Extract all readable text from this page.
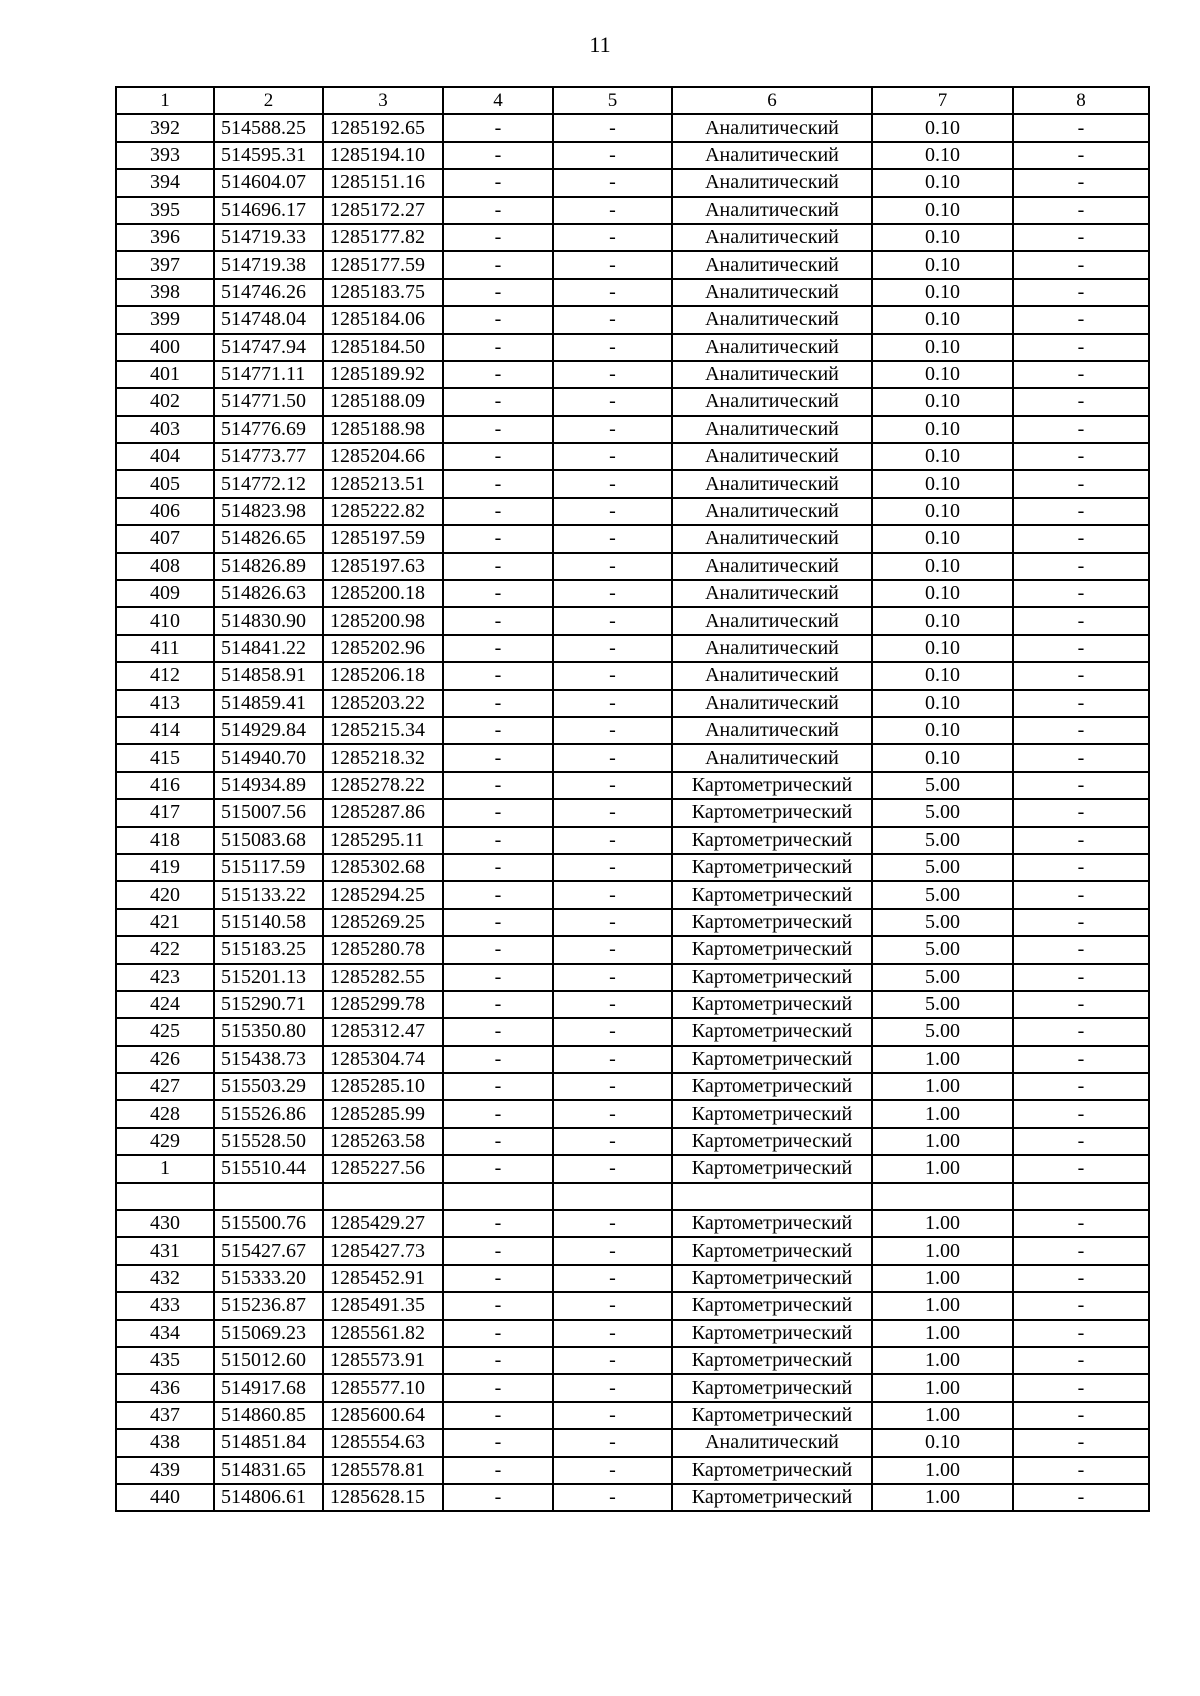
11
1	2	3	4	5	6	7	8
392	514588.25	1285192.65	-	-	Аналитический	0.10	-
393	514595.31	1285194.10	-	-	Аналитический	0.10	-
394	514604.07	1285151.16	-	-	Аналитический	0.10	-
395	514696.17	1285172.27	-	-	Аналитический	0.10	-
396	514719.33	1285177.82	-	-	Аналитический	0.10	-
397	514719.38	1285177.59	-	-	Аналитический	0.10	-
398	514746.26	1285183.75	-	-	Аналитический	0.10	-
399	514748.04	1285184.06	-	-	Аналитический	0.10	-
400	514747.94	1285184.50	-	-	Аналитический	0.10	-
401	514771.11	1285189.92	-	-	Аналитический	0.10	-
402	514771.50	1285188.09	-	-	Аналитический	0.10	-
403	514776.69	1285188.98	-	-	Аналитический	0.10	-
404	514773.77	1285204.66	-	-	Аналитический	0.10	-
405	514772.12	1285213.51	-	-	Аналитический	0.10	-
406	514823.98	1285222.82	-	-	Аналитический	0.10	-
407	514826.65	1285197.59	-	-	Аналитический	0.10	-
408	514826.89	1285197.63	-	-	Аналитический	0.10	-
409	514826.63	1285200.18	-	-	Аналитический	0.10	-
410	514830.90	1285200.98	-	-	Аналитический	0.10	-
411	514841.22	1285202.96	-	-	Аналитический	0.10	-
412	514858.91	1285206.18	-	-	Аналитический	0.10	-
413	514859.41	1285203.22	-	-	Аналитический	0.10	-
414	514929.84	1285215.34	-	-	Аналитический	0.10	-
415	514940.70	1285218.32	-	-	Аналитический	0.10	-
416	514934.89	1285278.22	-	-	Картометрический	5.00	-
417	515007.56	1285287.86	-	-	Картометрический	5.00	-
418	515083.68	1285295.11	-	-	Картометрический	5.00	-
419	515117.59	1285302.68	-	-	Картометрический	5.00	-
420	515133.22	1285294.25	-	-	Картометрический	5.00	-
421	515140.58	1285269.25	-	-	Картометрический	5.00	-
422	515183.25	1285280.78	-	-	Картометрический	5.00	-
423	515201.13	1285282.55	-	-	Картометрический	5.00	-
424	515290.71	1285299.78	-	-	Картометрический	5.00	-
425	515350.80	1285312.47	-	-	Картометрический	5.00	-
426	515438.73	1285304.74	-	-	Картометрический	1.00	-
427	515503.29	1285285.10	-	-	Картометрический	1.00	-
428	515526.86	1285285.99	-	-	Картометрический	1.00	-
429	515528.50	1285263.58	-	-	Картометрический	1.00	-
1	515510.44	1285227.56	-	-	Картометрический	1.00	-

430	515500.76	1285429.27	-	-	Картометрический	1.00	-
431	515427.67	1285427.73	-	-	Картометрический	1.00	-
432	515333.20	1285452.91	-	-	Картометрический	1.00	-
433	515236.87	1285491.35	-	-	Картометрический	1.00	-
434	515069.23	1285561.82	-	-	Картометрический	1.00	-
435	515012.60	1285573.91	-	-	Картометрический	1.00	-
436	514917.68	1285577.10	-	-	Картометрический	1.00	-
437	514860.85	1285600.64	-	-	Картометрический	1.00	-
438	514851.84	1285554.63	-	-	Аналитический	0.10	-
439	514831.65	1285578.81	-	-	Картометрический	1.00	-
440	514806.61	1285628.15	-	-	Картометрический	1.00	-
